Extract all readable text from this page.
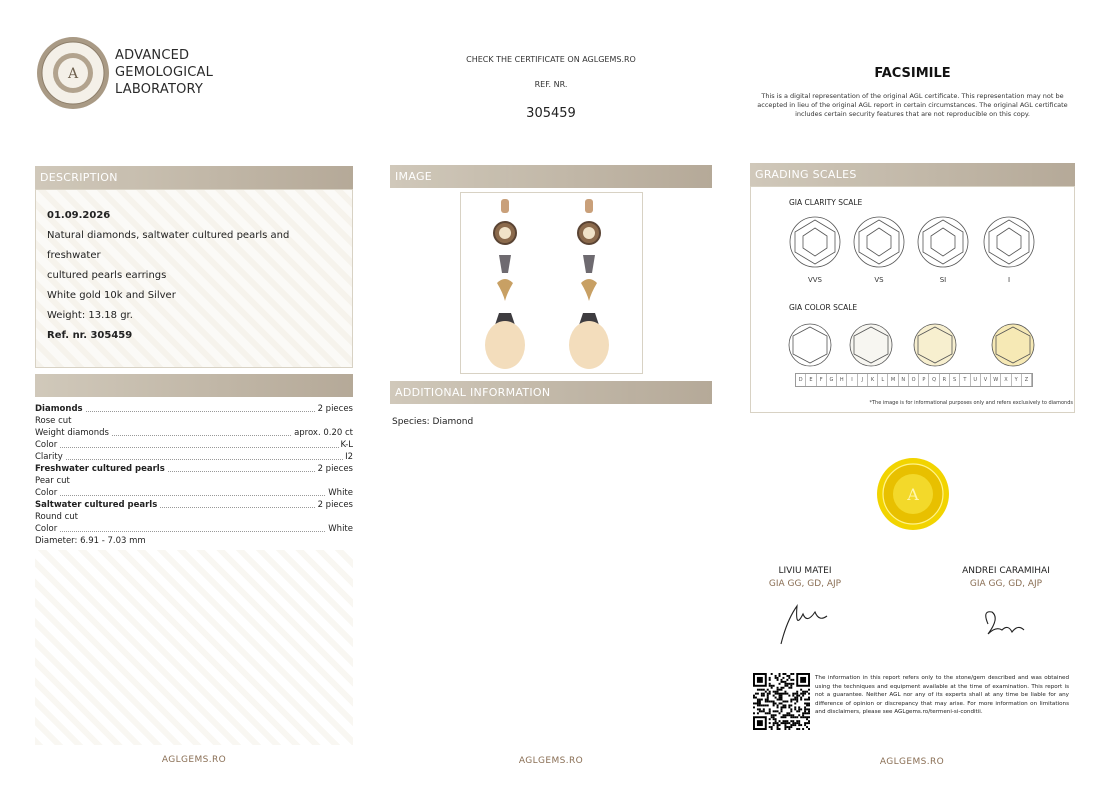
A
ADVANCED
GEMOLOGICAL
LABORATORY
CHECK THE CERTIFICATE ON AGLGEMS.RO
REF. NR.
305459
FACSIMILE
This is a digital representation of the original AGL certificate. This representation may not be accepted in lieu of the original AGL report in certain circumstances. The original AGL certificate includes certain security features that are not reproducible on this copy.
DESCRIPTION
01.09.2026
Natural diamonds, saltwater cultured pearls and freshwater
cultured pearls earrings
White gold 10k and Silver
Weight: 13.18 gr.
Ref. nr. 305459
Diamonds	2 pieces
Rose cut
Weight diamonds	aprox. 0.20 ct
Color	K-L
Clarity	I2
Freshwater cultured pearls	2 pieces
Pear cut
Color	White
Saltwater cultured pearls	2 pieces
Round cut
Color	White
Diameter: 6.91 - 7.03 mm
IMAGE
ADDITIONAL INFORMATION
Species: Diamond
GRADING SCALES
GIA CLARITY SCALE
VVS	VS	SI	I
GIA COLOR SCALE
D	E	F	G	H	I	J	K	L	M	N	O	P	Q	R	S	T	U	V	W	X	Y	Z
*The image is for informational purposes only and refers exclusively to diamonds
A
LIVIU MATEI
GIA GG, GD, AJP
ANDREI CARAMIHAI
GIA GG, GD, AJP
The information in this report refers only to the stone/gem described and was obtained using the techniques and equipment available at the time of examination. This report is not a guarantee. Neither AGL nor any of its experts shall at any time be liable for any difference of opinion or discrepancy that may arise. For more information on limitations and disclaimers, please see AGLgems.ro/termeni-si-conditii.
AGLGEMS.RO	AGLGEMS.RO	AGLGEMS.RO
